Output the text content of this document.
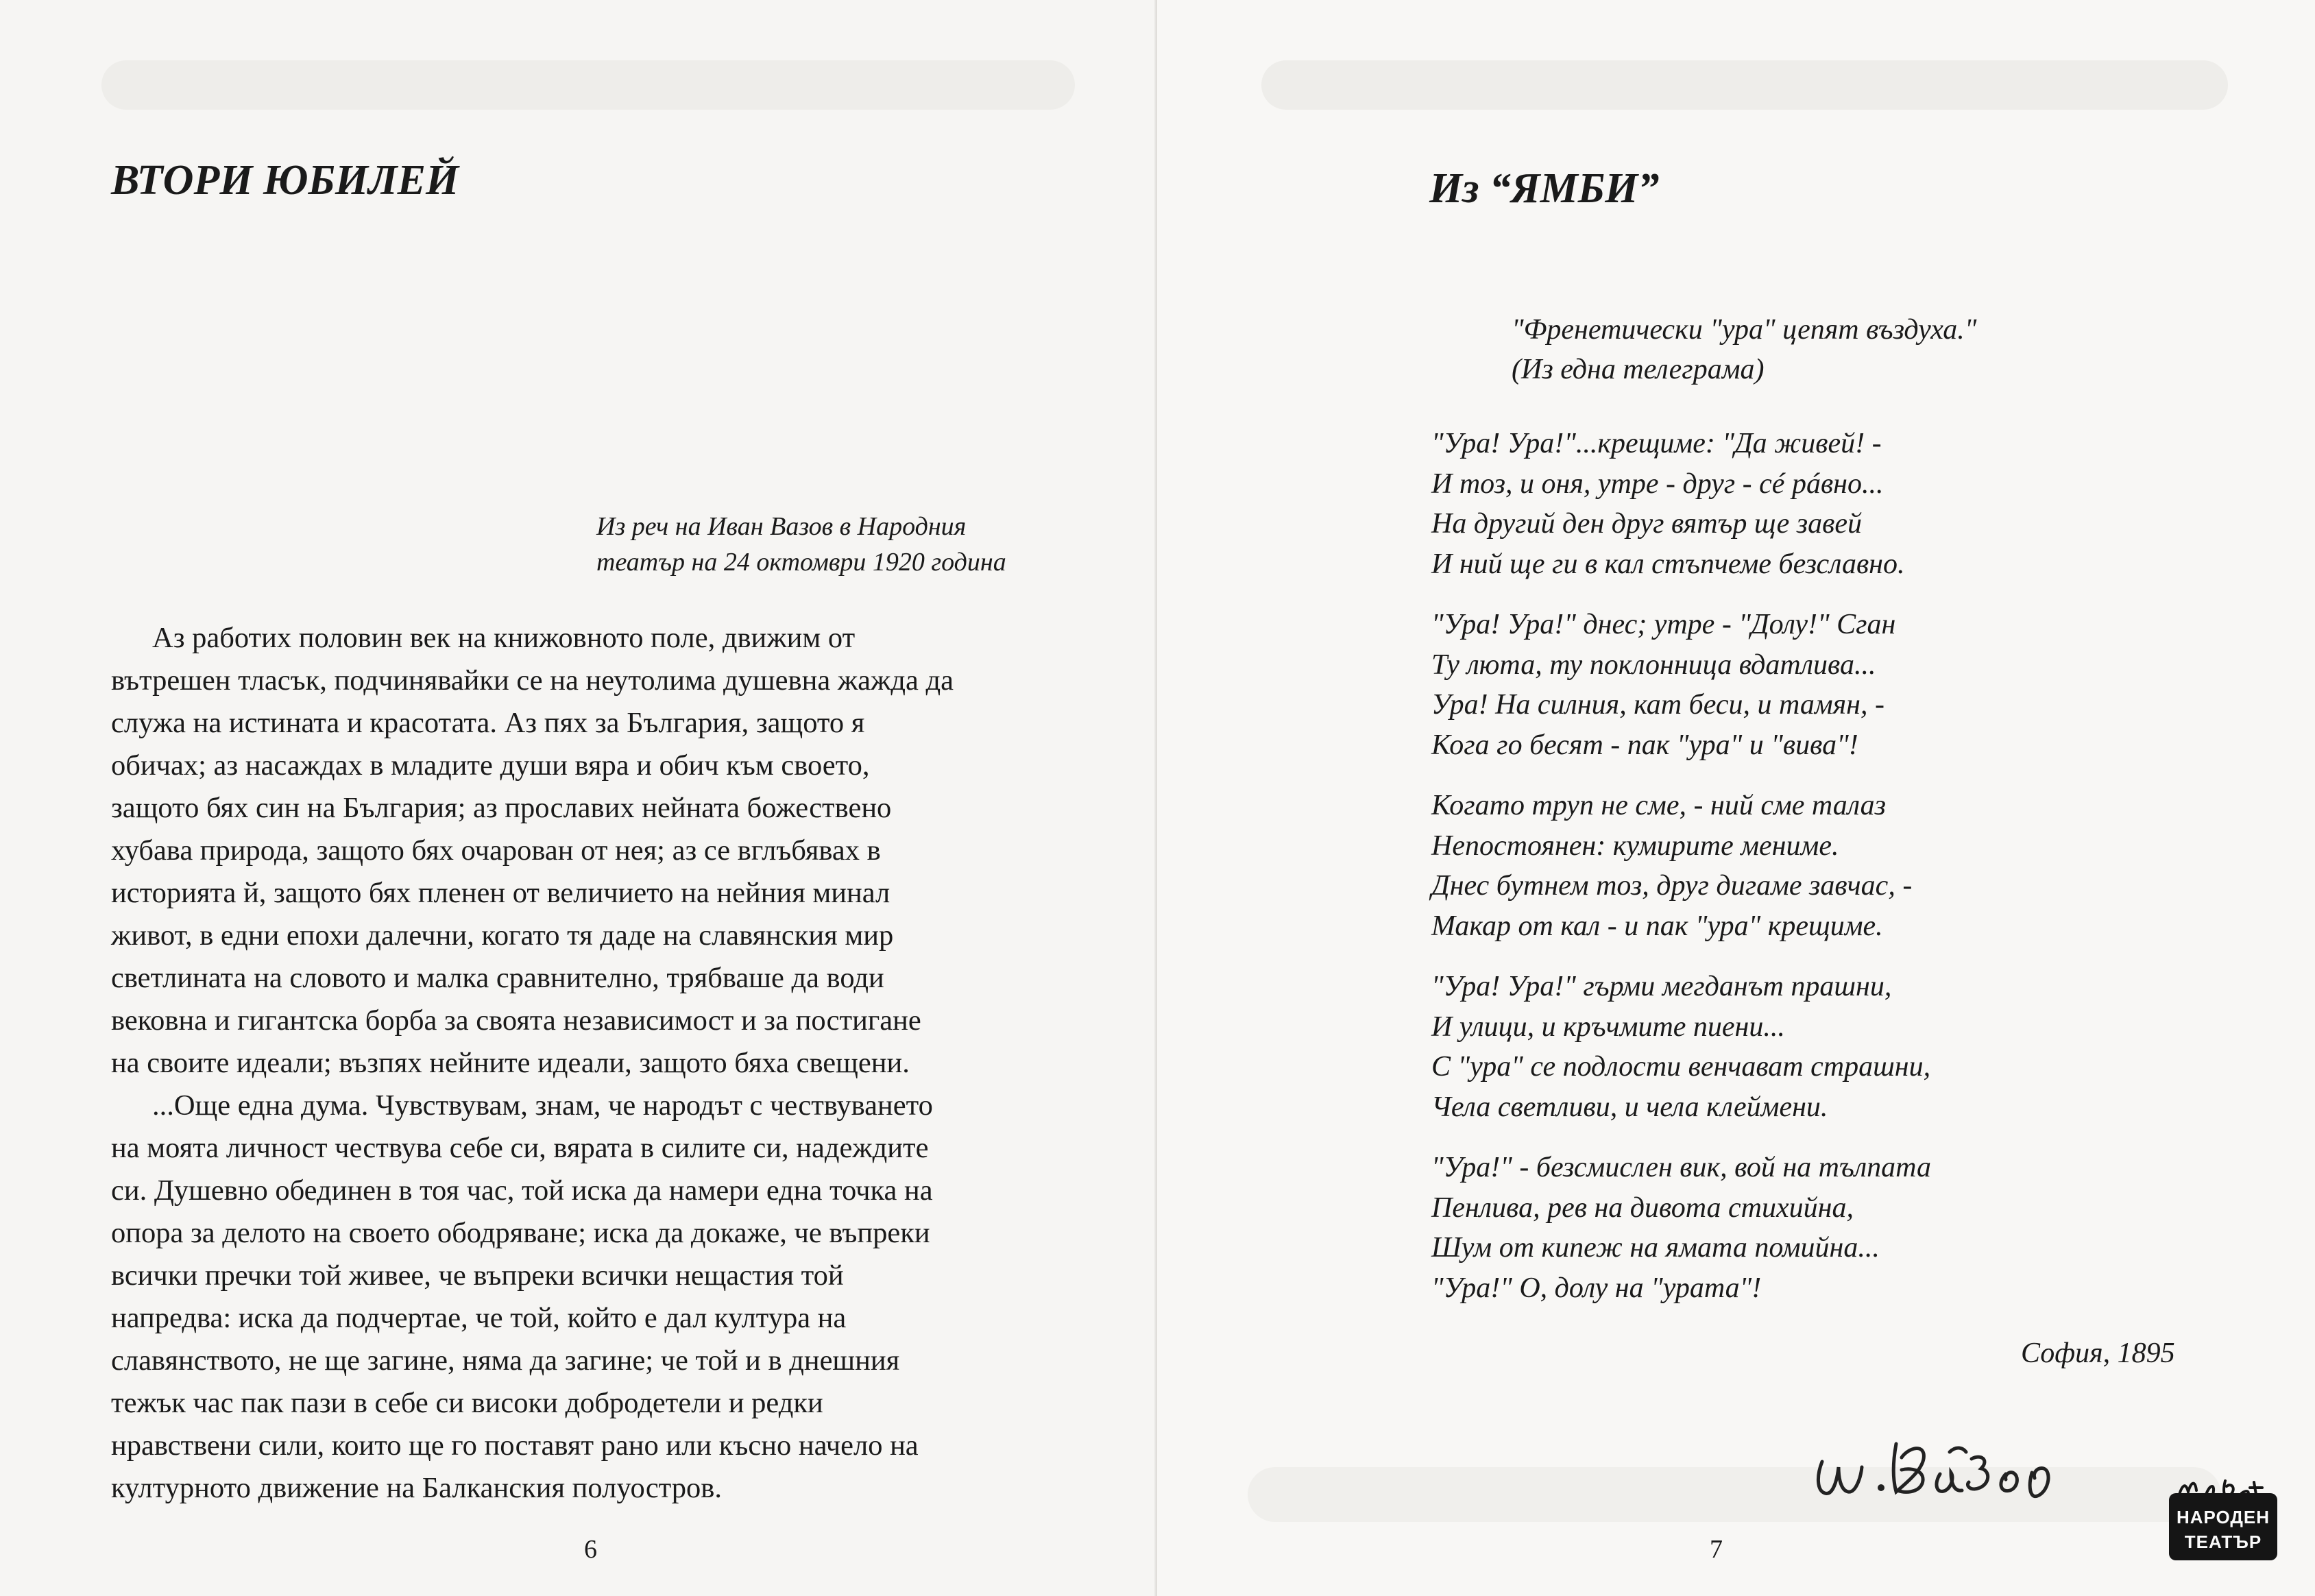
ВТОРИ ЮБИЛЕЙ
Из реч на Иван Вазов в Народния
театър на 24 октомври 1920 година
Аз работих половин век на книжовното поле, движим от
вътрешен тласък, подчинявайки се на неутолима душевна жажда да
служа на истината и красотата. Аз пях за България, защото я
обичах; аз насаждах в младите души вяра и обич към своето,
защото бях син на България; аз прославих нейната божествено
хубава природа, защото бях очарован от нея; аз се вглъбявах в
историята й, защото бях пленен от величието на нейния минал
живот, в едни епохи далечни, когато тя даде на славянския мир
светлината на словото и малка сравнително, трябваше да води
вековна и гигантска борба за своята независимост и за постигане
на своите идеали; възпях нейните идеали, защото бяха свещени.
...Още една дума. Чувствувам, знам, че народът с чествуването
на моята личност чествува себе си, вярата в силите си, надеждите
си. Душевно обединен в тоя час, той иска да намери една точка на
опора за делото на своето ободряване; иска да докаже, че въпреки
всички пречки той живее, че въпреки всички нещастия той
напредва: иска да подчертае, че той, който е дал култура на
славянството, не ще загине, няма да загине; че той и в днешния
тежък час пак пази в себе си високи добродетели и редки
нравствени сили, които ще го поставят рано или късно начело на
културното движение на Балканския полуостров.
6
Из “ЯМБИ”
"Френетически "ура" цепят въздуха."
(Из една телеграма)
"Ура! Ура!"...крещиме: "Да живей! -
И тоз, и оня, утре - друг - сé рáвно...
На другий ден друг вятър ще завей
И ний ще ги в кал стъпчеме безславно.
"Ура! Ура!" днес; утре - "Долу!" Сган
Ту люта, ту поклонница вдатлива...
Ура! На силния, кат беси, и тамян, -
Кога го бесят - пак "ура" и "вива"!
Когато труп не сме, - ний сме талаз
Непостоянен: кумирите мениме.
Днес бутнем тоз, друг дигаме завчас, -
Макар от кал - и пак "ура" крещиме.
"Ура! Ура!" гърми мегданът прашни,
И улици, и кръчмите пиени...
С "ура" се подлости венчават страшни,
Чела светливи, и чела клеймени.
"Ура!" - безсмислен вик, вой на тълпата
Пенлива, рев на дивота стихийна,
Шум от кипеж на ямата помийна...
"Ура!" О, долу на "урата"!
София, 1895
7
НАРОДЕН
ТЕАТЪР
